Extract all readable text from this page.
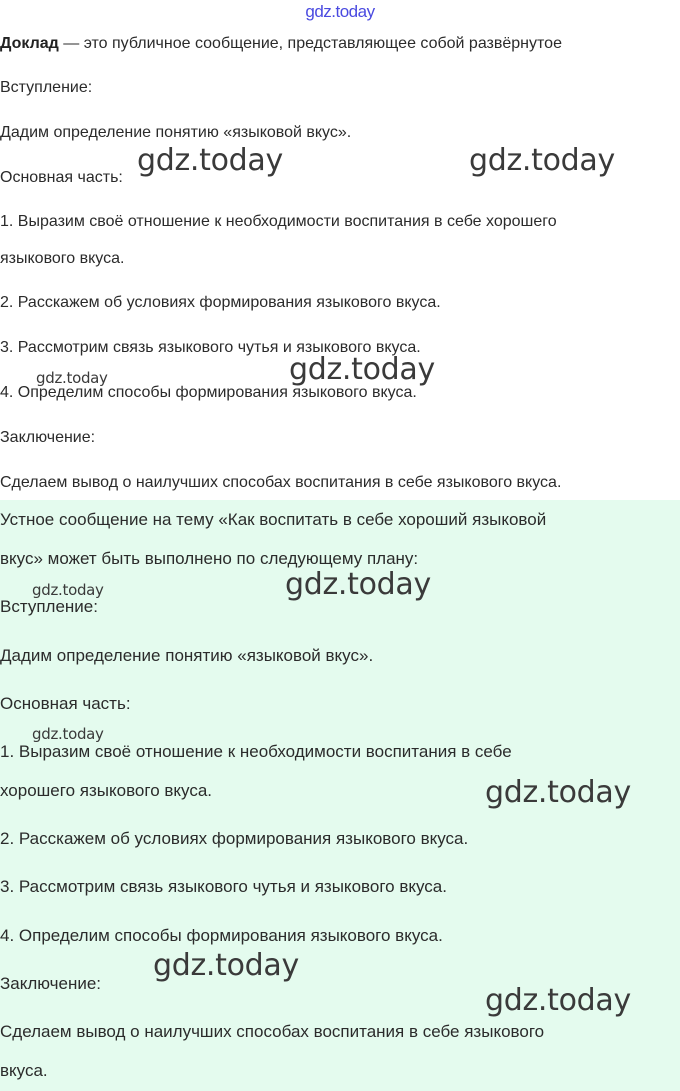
gdz.today

Доклад — это публичное сообщение, представляющее собой развёрнутое

Вступление:

Дадим определение понятию «языковой вкус».

Основная часть:

1. Выразим своё отношение к необходимости воспитания в себе хорошего

языкового вкуса.

2. Расскажем об условиях формирования языкового вкуса.

3. Рассмотрим связь языкового чутья и языкового вкуса.

4. Определим способы формирования языкового вкуса.

Заключение:

Сделаем вывод о наилучших способах воспитания в себе языкового вкуса.

Устное сообщение на тему «Как воспитать в себе хороший языковой

вкус» может быть выполнено по следующему плану:

Вступление:

Дадим определение понятию «языковой вкус».

Основная часть:

1. Выразим своё отношение к необходимости воспитания в себе

хорошего языкового вкуса.

2. Расскажем об условиях формирования языкового вкуса.

3. Рассмотрим связь языкового чутья и языкового вкуса.

4. Определим способы формирования языкового вкуса.

Заключение:

Сделаем вывод о наилучших способах воспитания в себе языкового

вкуса.

gdz.today	gdz.today
gdz.today	gdz.today
gdz.today	gdz.today
gdz.today
gdz.today
gdz.today
gdz.today
